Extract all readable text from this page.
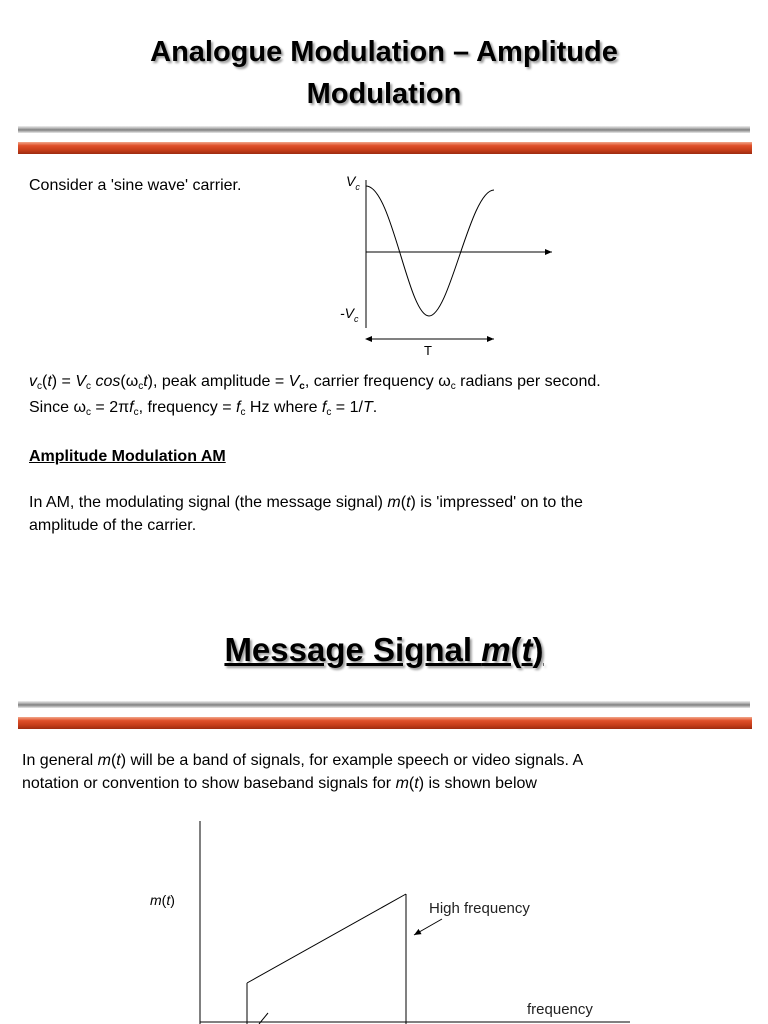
Analogue Modulation – Amplitude
Modulation
Consider a 'sine wave' carrier.	$V_c$
$-V_c$
T
$v_c(t) = V_c$ $\cos(\omega_ct)$, peak amplitude = $V_c$, carrier frequency $\omega_c$ radians per second.
Since $\omega_c = 2\pi f_c$, frequency = $f_c$ Hz where $f_c = 1/T$.
Amplitude Modulation AM
In AM, the modulating signal (the message signal) m(t) is 'impressed' on to the
amplitude of the carrier.
Message Signal m(t)
In general m(t) will be a band of signals, for example speech or video signals. A
notation or convention to show baseband signals for m(t) is shown below
m(t)	High frequency
frequency
